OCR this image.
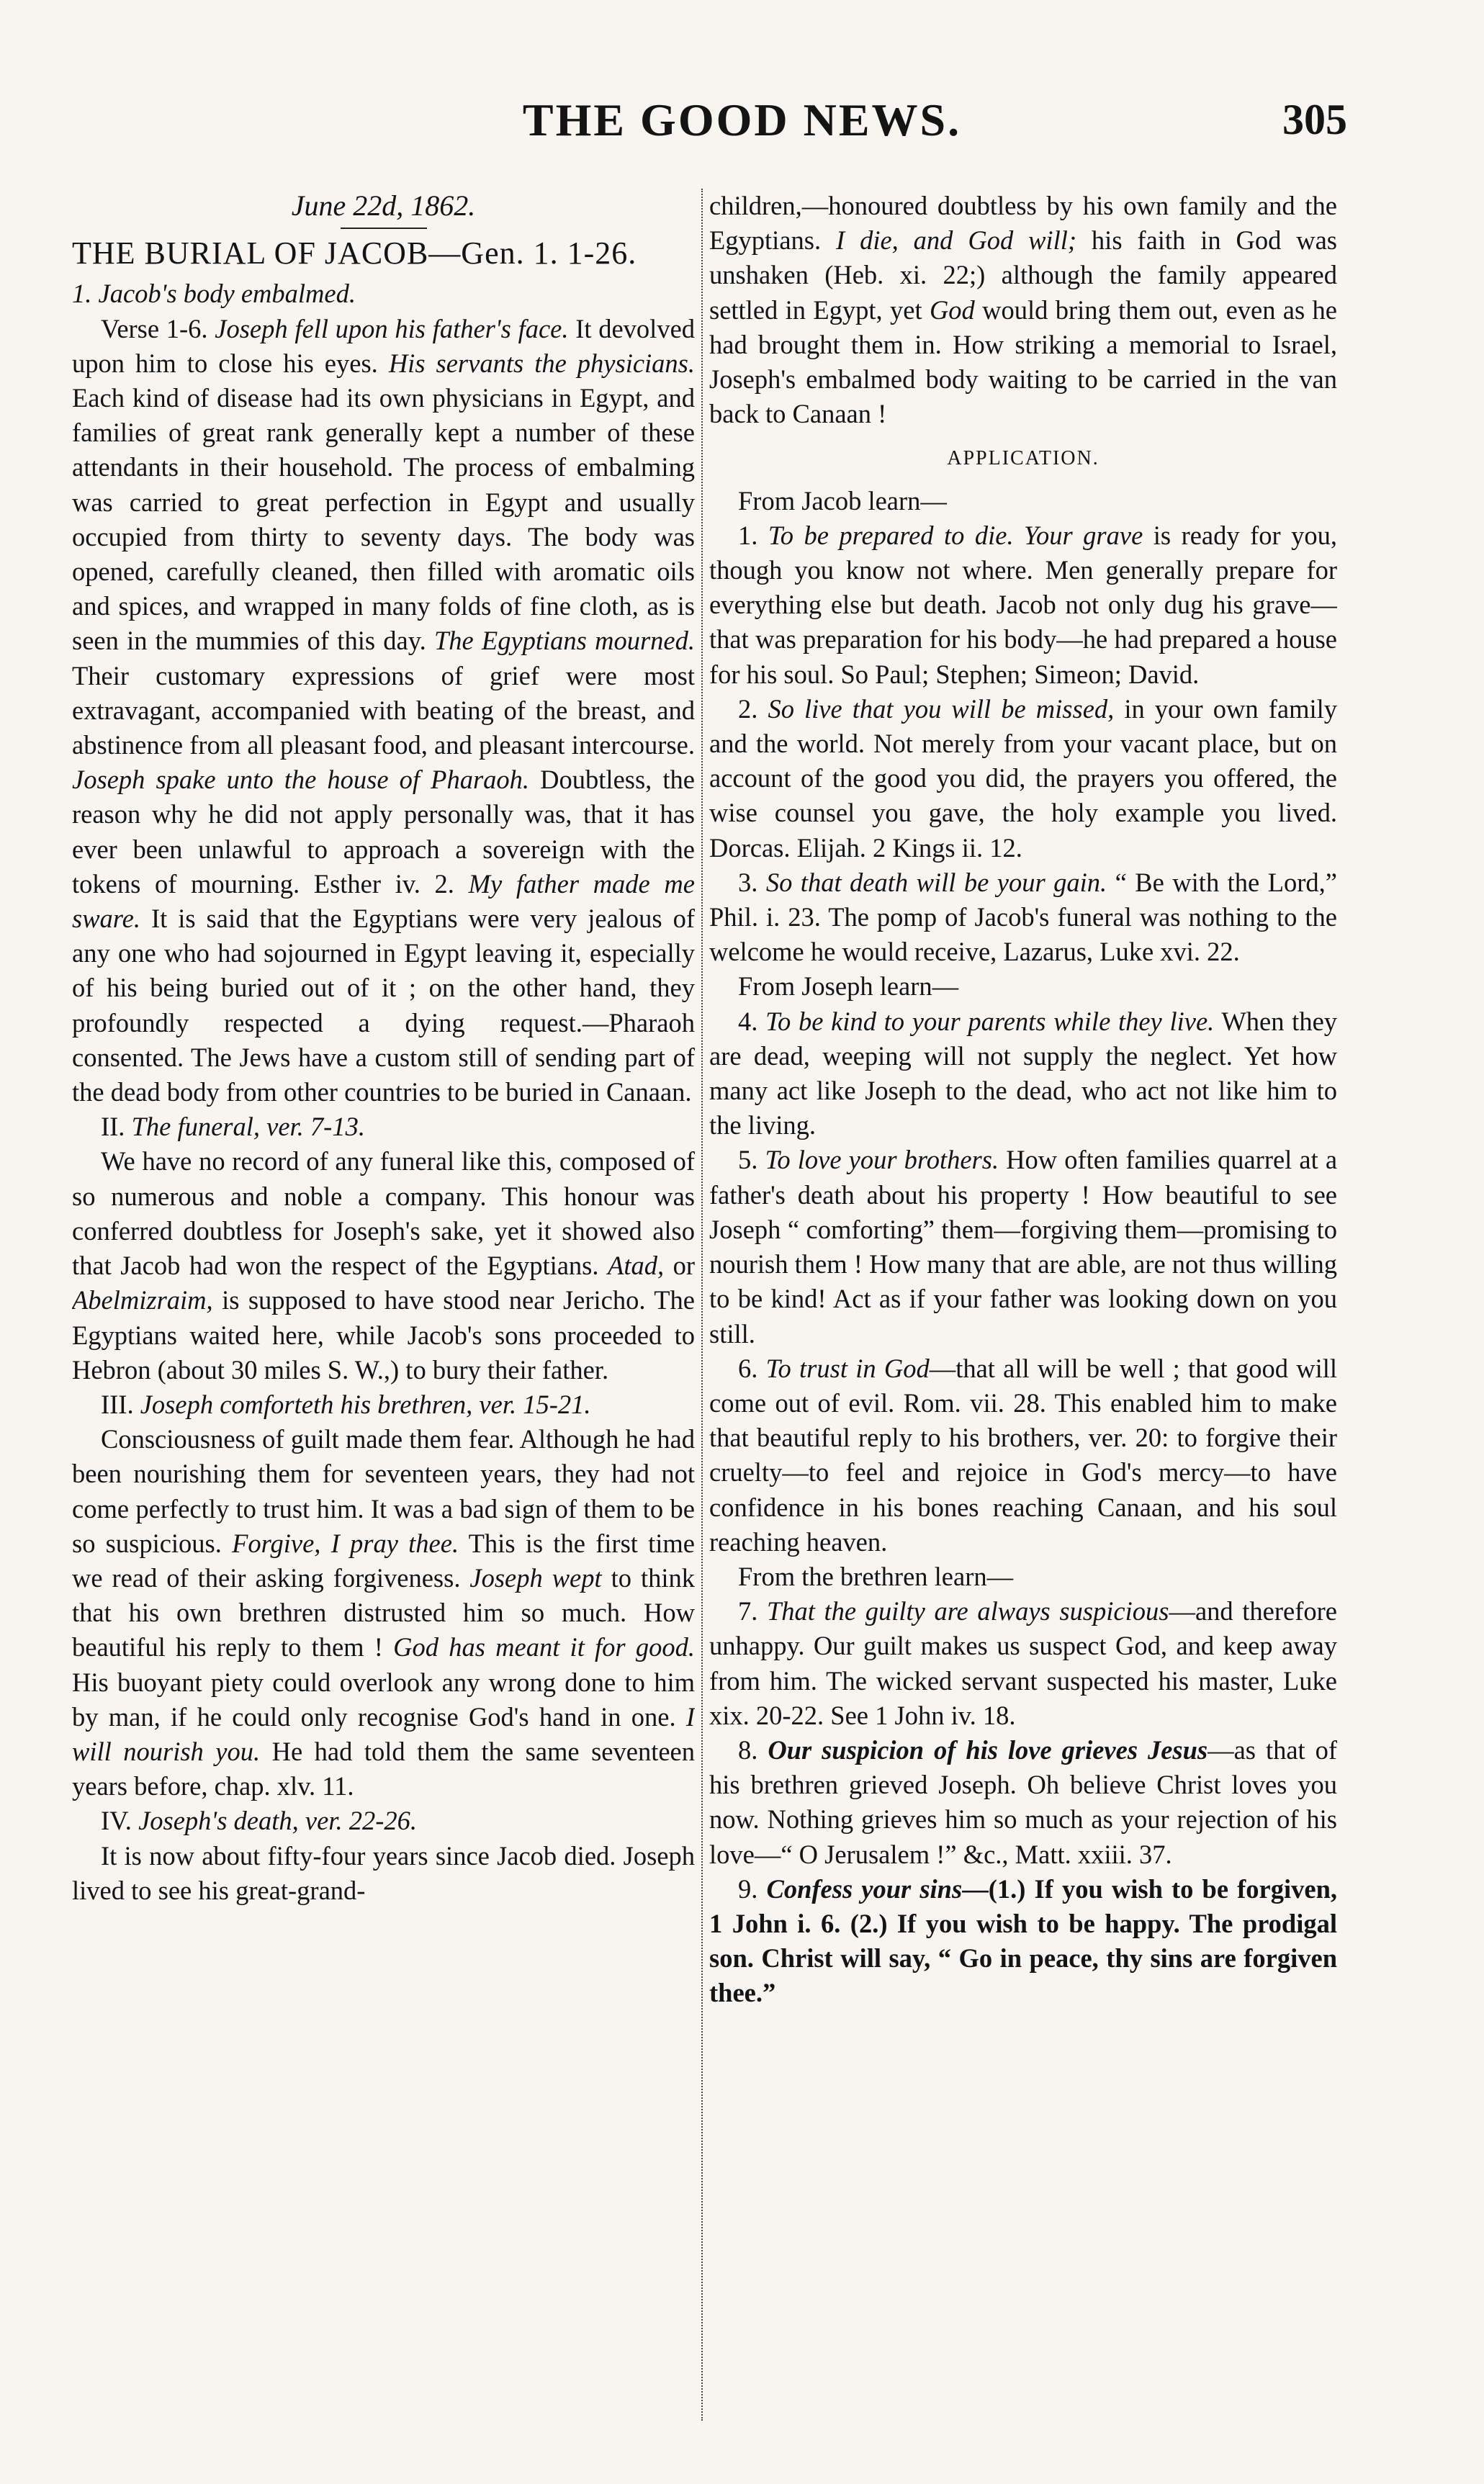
THE GOOD NEWS.	305
June 22d, 1862.
THE BURIAL OF JACOB—Gen. 1. 1-26.
1. Jacob's body embalmed.

Verse 1-6. Joseph fell upon his father's face. It devolved upon him to close his eyes. His servants the physicians. Each kind of disease had its own physicians in Egypt, and families of great rank generally kept a number of these attendants in their household. The process of embalming was carried to great perfection in Egypt and usually occupied from thirty to seventy days. The body was opened, carefully cleaned, then filled with aromatic oils and spices, and wrapped in many folds of fine cloth, as is seen in the mummies of this day. The Egyptians mourned. Their customary expressions of grief were most extravagant, accompanied with beating of the breast, and abstinence from all pleasant food, and pleasant intercourse. Joseph spake unto the house of Pharaoh. Doubtless, the reason why he did not apply personally was, that it has ever been unlawful to approach a sovereign with the tokens of mourning. Esther iv. 2. My father made me sware. It is said that the Egyptians were very jealous of any one who had sojourned in Egypt leaving it, especially of his being buried out of it ; on the other hand, they profoundly respected a dying request.—Pharaoh consented. The Jews have a custom still of sending part of the dead body from other countries to be buried in Canaan.

II. The funeral, ver. 7-13.

We have no record of any funeral like this, composed of so numerous and noble a company. This honour was conferred doubtless for Joseph's sake, yet it showed also that Jacob had won the respect of the Egyptians. Atad, or Abelmizraim, is supposed to have stood near Jericho. The Egyptians waited here, while Jacob's sons proceeded to Hebron (about 30 miles S. W.,) to bury their father.

III. Joseph comforteth his brethren, ver. 15-21.

Consciousness of guilt made them fear. Although he had been nourishing them for seventeen years, they had not come perfectly to trust him. It was a bad sign of them to be so suspicious. Forgive, I pray thee. This is the first time we read of their asking forgiveness. Joseph wept to think that his own brethren distrusted him so much. How beautiful his reply to them ! God has meant it for good. His buoyant piety could overlook any wrong done to him by man, if he could only recognise God's hand in one. I will nourish you. He had told them the same seventeen years before, chap. xlv. 11.

IV. Joseph's death, ver. 22-26.

It is now about fifty-four years since Jacob died. Joseph lived to see his great-grand-

children,—honoured doubtless by his own family and the Egyptians. I die, and God will; his faith in God was unshaken (Heb. xi. 22;) although the family appeared settled in Egypt, yet God would bring them out, even as he had brought them in. How striking a memorial to Israel, Joseph's embalmed body waiting to be carried in the van back to Canaan !

APPLICATION.

From Jacob learn—

1. To be prepared to die. Your grave is ready for you, though you know not where. Men generally prepare for everything else but death. Jacob not only dug his grave—that was preparation for his body—he had prepared a house for his soul. So Paul; Stephen; Simeon; David.

2. So live that you will be missed, in your own family and the world. Not merely from your vacant place, but on account of the good you did, the prayers you offered, the wise counsel you gave, the holy example you lived. Dorcas. Elijah. 2 Kings ii. 12.

3. So that death will be your gain. “ Be with the Lord,” Phil. i. 23. The pomp of Jacob's funeral was nothing to the welcome he would receive, Lazarus, Luke xvi. 22.

From Joseph learn—

4. To be kind to your parents while they live. When they are dead, weeping will not supply the neglect. Yet how many act like Joseph to the dead, who act not like him to the living.

5. To love your brothers. How often families quarrel at a father's death about his property ! How beautiful to see Joseph “ comforting” them—forgiving them—promising to nourish them ! How many that are able, are not thus willing to be kind! Act as if your father was looking down on you still.

6. To trust in God—that all will be well ; that good will come out of evil. Rom. vii. 28. This enabled him to make that beautiful reply to his brothers, ver. 20: to forgive their cruelty—to feel and rejoice in God's mercy—to have confidence in his bones reaching Canaan, and his soul reaching heaven.

From the brethren learn—

7. That the guilty are always suspicious—and therefore unhappy. Our guilt makes us suspect God, and keep away from him. The wicked servant suspected his master, Luke xix. 20-22. See 1 John iv. 18.

8. Our suspicion of his love grieves Jesus—as that of his brethren grieved Joseph. Oh believe Christ loves you now. Nothing grieves him so much as your rejection of his love—“ O Jerusalem !” &c., Matt. xxiii. 37.

9. Confess your sins—(1.) If you wish to be forgiven, 1 John i. 6. (2.) If you wish to be happy. The prodigal son. Christ will say, “ Go in peace, thy sins are forgiven thee.”
